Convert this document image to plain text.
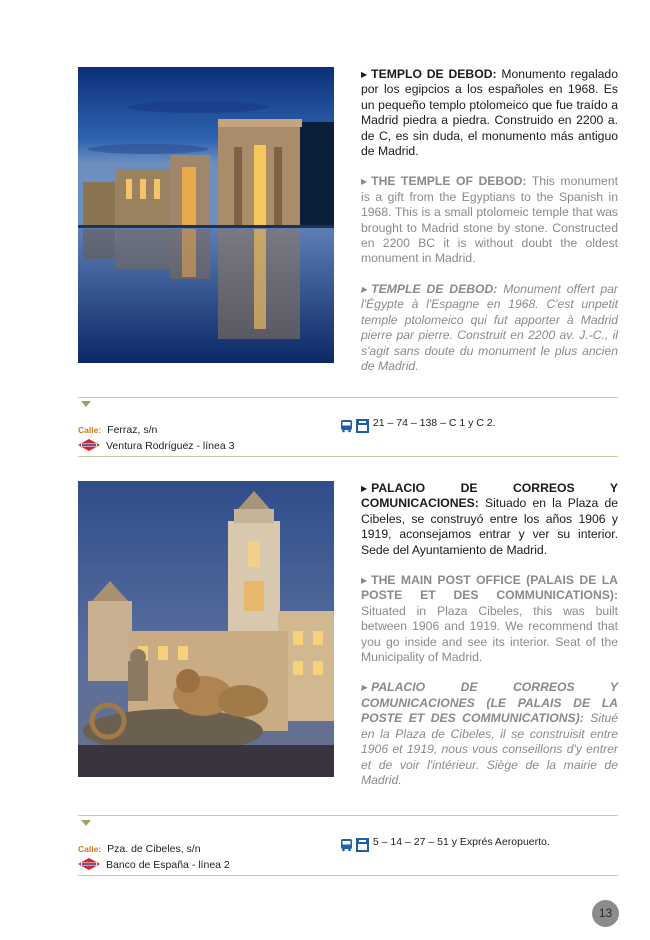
▶ TEMPLO DE DEBOD: Monumento regalado por los egipcios a los españoles en 1968. Es un pequeño templo ptolomeico que fue traído a Madrid piedra a piedra. Construido en 2200 a. de C, es sin duda, el monumento más antiguo de Madrid.

▶ THE TEMPLE OF DEBOD: This monument is a gift from the Egyptians to the Spanish in 1968. This is a small ptolomeic temple that was brought to Madrid stone by stone. Constructed en 2200 BC it is without doubt the oldest monument in Madrid.

▶ TEMPLE DE DEBOD: Monument offert par l'Égypte à l'Espagne en 1968. C'est unpetit temple ptolomeico qui fut apporter à Madrid pierre par pierre. Construit en 2200 av. J.-C., il s'agit sans doute du monument le plus ancien de Madrid.

Calle: Ferraz, s/n
Ventura Rodríguez - línea 3
21 – 74 – 138 – C 1 y C 2.

▶ PALACIO DE CORREOS Y COMUNICACIONES: Situado en la Plaza de Cibeles, se construyó entre los años 1906 y 1919, aconsejamos entrar y ver su interior. Sede del Ayuntamiento de Madrid.

▶ THE MAIN POST OFFICE (PALAIS DE LA POSTE ET DES COMMUNICATIONS): Situated in Plaza Cibeles, this was built between 1906 and 1919. We recommend that you go inside and see its interior. Seat of the Municipality of Madrid.

▶ PALACIO DE CORREOS Y COMUNICACIONES (LE PALAIS DE LA POSTE ET DES COMMUNICATIONS): Situé en la Plaza de Cibeles, il se construisit entre 1906 et 1919, nous vous conseillons d'y entrer et de voir l'intérieur. Siège de la mairie de Madrid.

Calle: Pza. de Cibeles, s/n
Banco de España - línea 2
5 – 14 – 27 – 51 y Exprés Aeropuerto.
13
